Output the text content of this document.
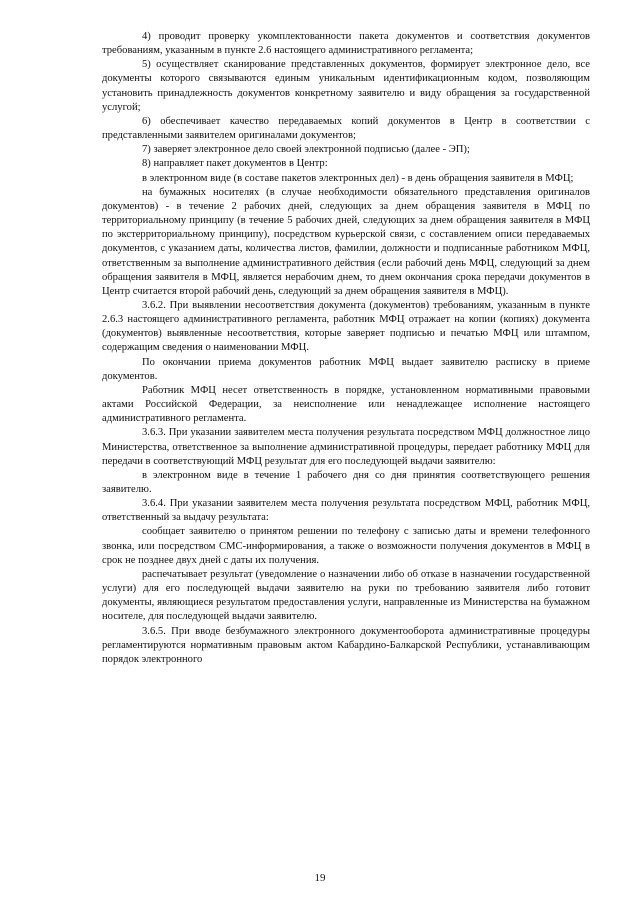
4) проводит проверку укомплектованности пакета документов и соответствия документов требованиям, указанным в пункте 2.6 настоящего административного регламента;

5) осуществляет сканирование представленных документов, формирует электронное дело, все документы которого связываются единым уникальным идентификационным кодом, позволяющим установить принадлежность документов конкретному заявителю и виду обращения за государственной услугой;

6) обеспечивает качество передаваемых копий документов в Центр в соответствии с представленными заявителем оригиналами документов;

7) заверяет электронное дело своей электронной подписью (далее - ЭП);

8) направляет пакет документов в Центр:

в электронном виде (в составе пакетов электронных дел) - в день обращения заявителя в МФЦ;

на бумажных носителях (в случае необходимости обязательного представления оригиналов документов) - в течение 2 рабочих дней, следующих за днем обращения заявителя в МФЦ по территориальному принципу (в течение 5 рабочих дней, следующих за днем обращения заявителя в МФЦ по экстерриториальному принципу), посредством курьерской связи, с составлением описи передаваемых документов, с указанием даты, количества листов, фамилии, должности и подписанные работником МФЦ, ответственным за выполнение административного действия (если рабочий день МФЦ, следующий за днем обращения заявителя в МФЦ, является нерабочим днем, то днем окончания срока передачи документов в Центр считается второй рабочий день, следующий за днем обращения заявителя в МФЦ).

3.6.2. При выявлении несоответствия документа (документов) требованиям, указанным в пункте 2.6.3 настоящего административного регламента, работник МФЦ отражает на копии (копиях) документа (документов) выявленные несоответствия, которые заверяет подписью и печатью МФЦ или штампом, содержащим сведения о наименовании МФЦ.

По окончании приема документов работник МФЦ выдает заявителю расписку в приеме документов.

Работник МФЦ несет ответственность в порядке, установленном нормативными правовыми актами Российской Федерации, за неисполнение или ненадлежащее исполнение настоящего административного регламента.

3.6.3. При указании заявителем места получения результата посредством МФЦ должностное лицо Министерства, ответственное за выполнение административной процедуры, передает работнику МФЦ для передачи в соответствующий МФЦ результат для его последующей выдачи заявителю:

в электронном виде в течение 1 рабочего дня со дня принятия соответствующего решения заявителю.

3.6.4. При указании заявителем места получения результата посредством МФЦ, работник МФЦ, ответственный за выдачу результата:

сообщает заявителю о принятом решении по телефону с записью даты и времени телефонного звонка, или посредством СМС-информирования, а также о возможности получения документов в МФЦ в срок не позднее двух дней с даты их получения.

распечатывает результат (уведомление о назначении либо об отказе в назначении государственной услуги) для его последующей выдачи заявителю на руки по требованию заявителя либо готовит документы, являющиеся результатом предоставления услуги, направленные из Министерства на бумажном носителе, для последующей выдачи заявителю.

3.6.5. При вводе безбумажного электронного документооборота административные процедуры регламентируются нормативным правовым актом Кабардино-Балкарской Республики, устанавливающим порядок электронного

19
